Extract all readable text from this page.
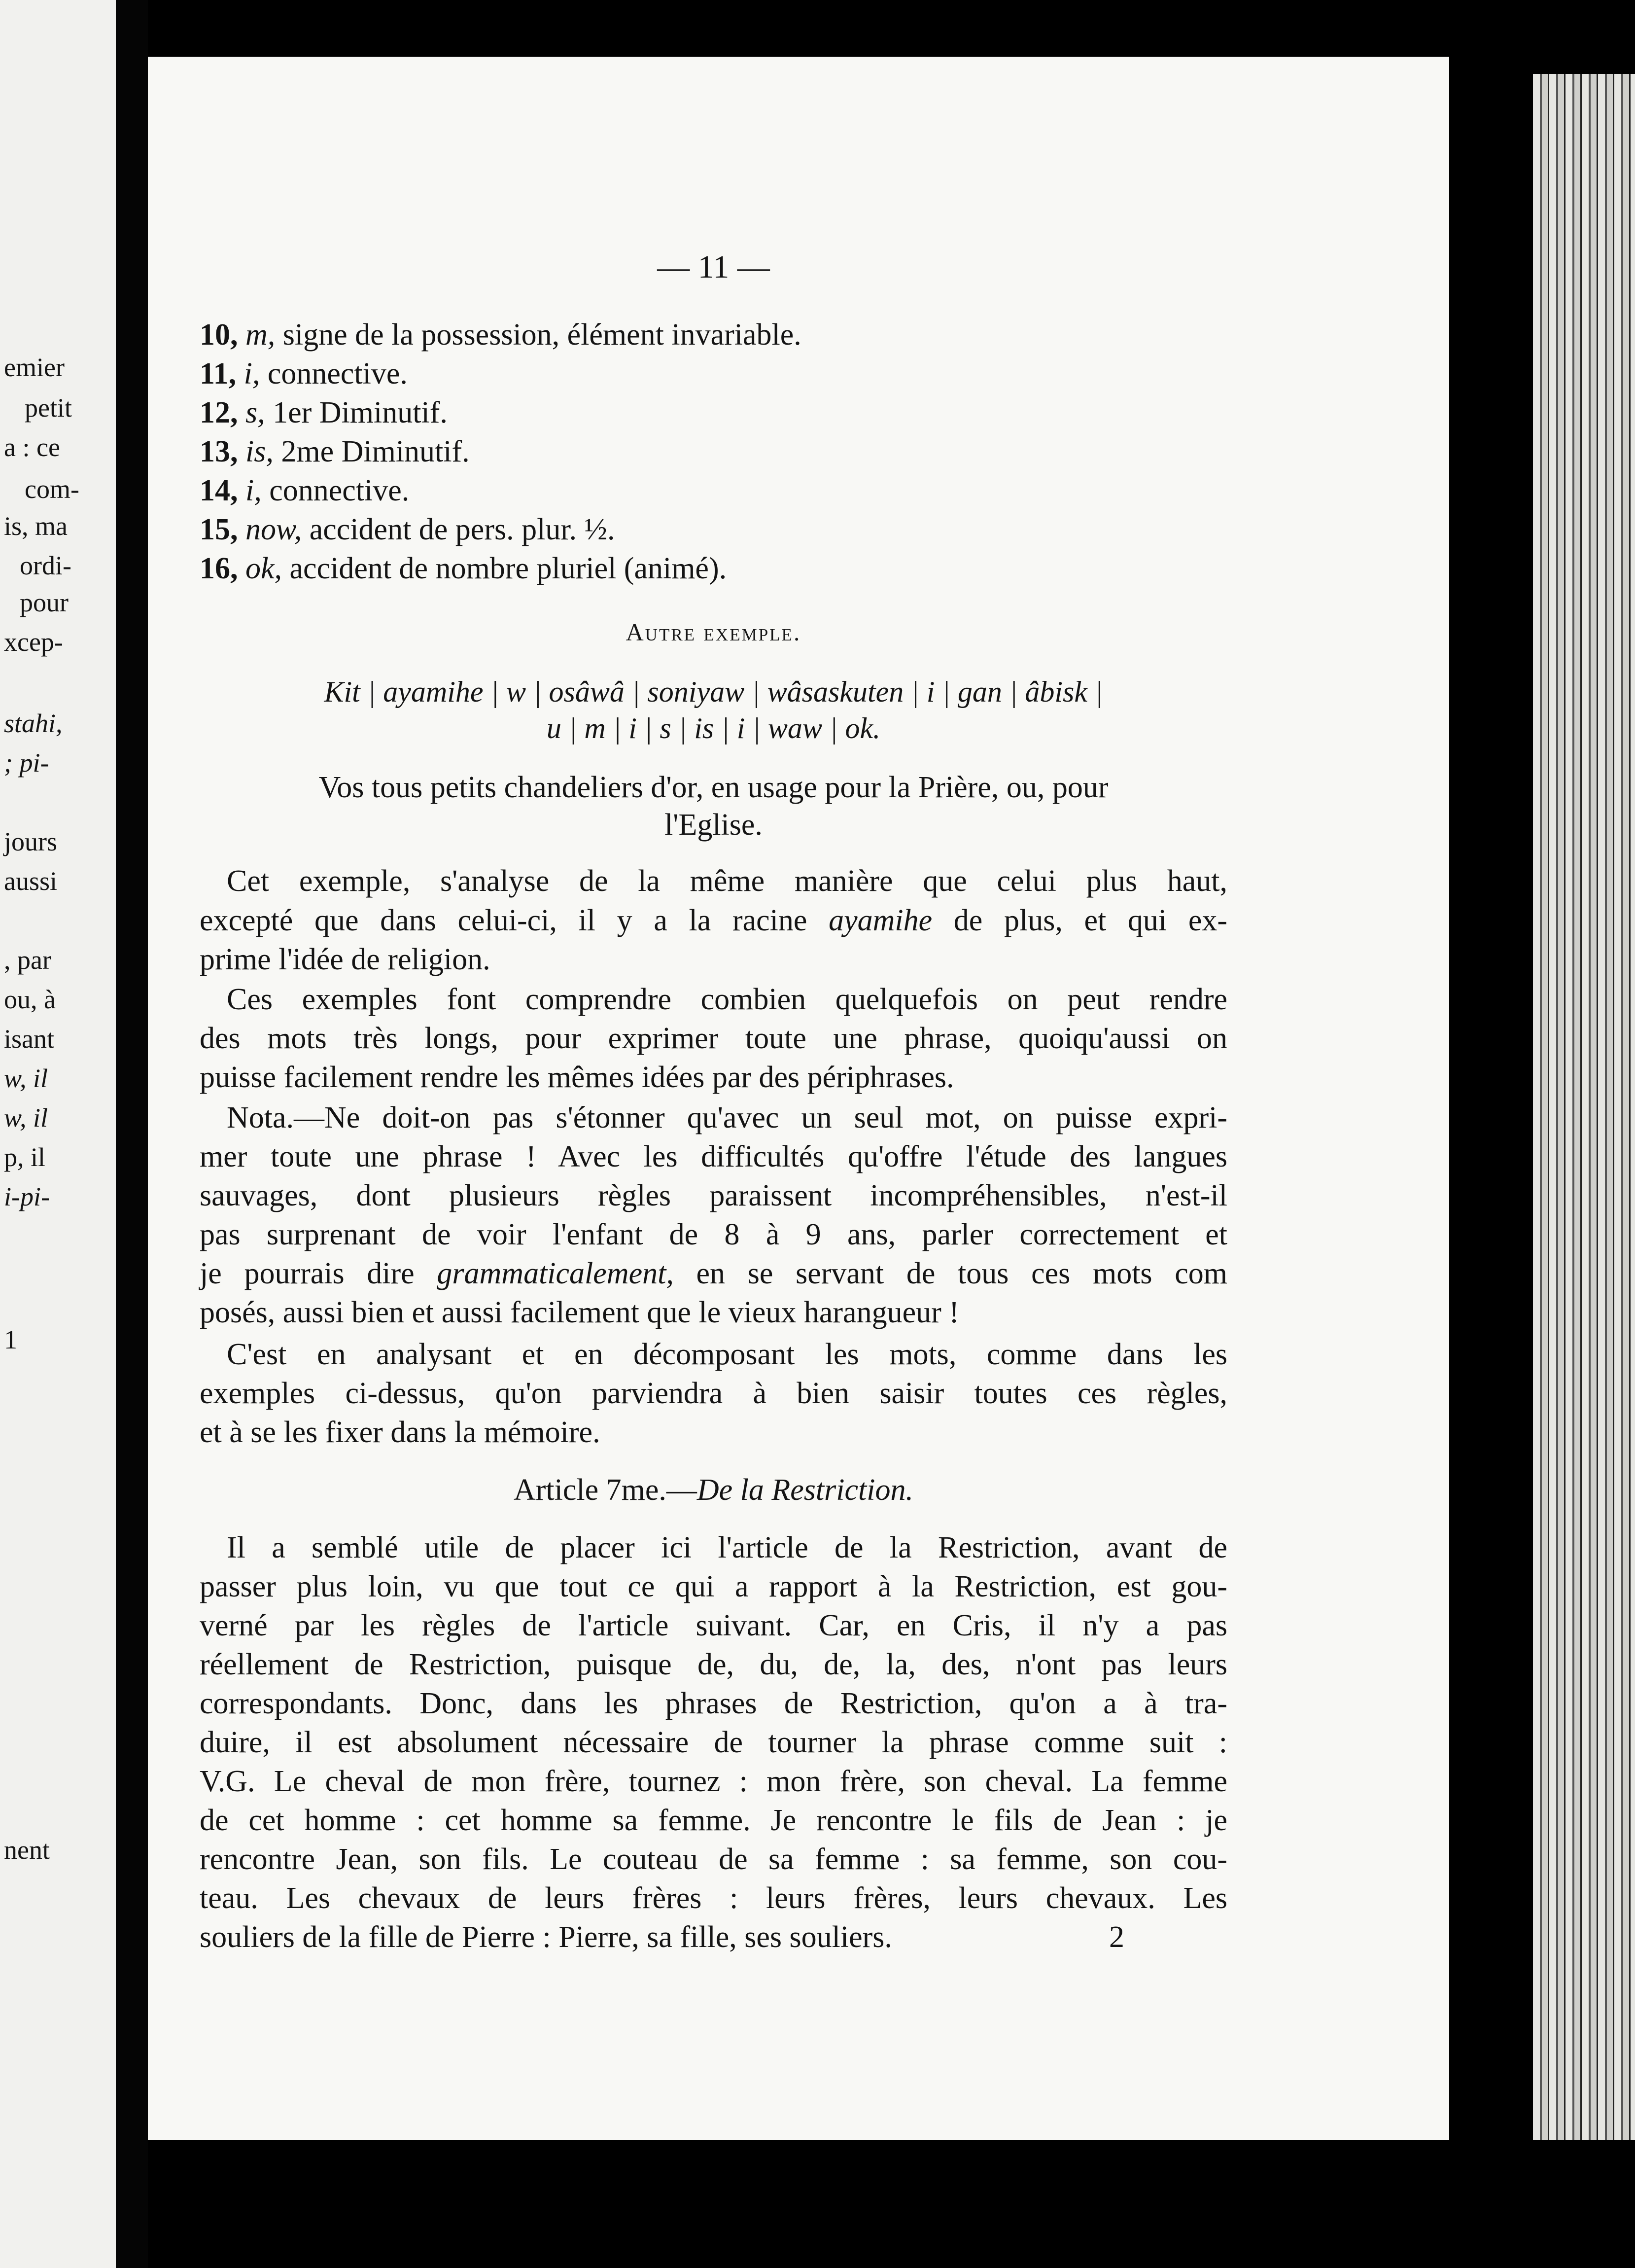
emier
petit
a : ce
com-
is, ma
ordi-
pour
xcep-
stahi,
; pi-
jours
aussi
, par
ou, à
isant
w, il
w, il
p, il
i-pi-
1
nent
— 11 —
10, m, signe de la possession, élément invariable.
11, i, connective.
12, s, 1er Diminutif.
13, is, 2me Diminutif.
14, i, connective.
15, now, accident de pers. plur. ½.
16, ok, accident de nombre pluriel (animé).
Autre exemple.
Kit | ayamihe | w | osâwâ | soniyaw | wâsaskuten | i | gan | âbisk |
u | m | i | s | is | i | waw | ok.
Vos tous petits chandeliers d'or, en usage pour la Prière, ou, pour
l'Eglise.
Cet exemple, s'analyse de la même manière que celui plus haut,
excepté que dans celui-ci, il y a la racine ayamihe de plus, et qui ex-
prime l'idée de religion.
Ces exemples font comprendre combien quelquefois on peut rendre
des mots très longs, pour exprimer toute une phrase, quoiqu'aussi on
puisse facilement rendre les mêmes idées par des périphrases.
Nota.—Ne doit-on pas s'étonner qu'avec un seul mot, on puisse expri-
mer toute une phrase ! Avec les difficultés qu'offre l'étude des langues
sauvages, dont plusieurs règles paraissent incompréhensibles, n'est-il
pas surprenant de voir l'enfant de 8 à 9 ans, parler correctement et
je pourrais dire grammaticalement, en se servant de tous ces mots com
posés, aussi bien et aussi facilement que le vieux harangueur !
C'est en analysant et en décomposant les mots, comme dans les
exemples ci-dessus, qu'on parviendra à bien saisir toutes ces règles,
et à se les fixer dans la mémoire.
Article 7me.—De la Restriction.
Il a semblé utile de placer ici l'article de la Restriction, avant de
passer plus loin, vu que tout ce qui a rapport à la Restriction, est gou-
verné par les règles de l'article suivant. Car, en Cris, il n'y a pas
réellement de Restriction, puisque de, du, de, la, des, n'ont pas leurs
correspondants. Donc, dans les phrases de Restriction, qu'on a à tra-
duire, il est absolument nécessaire de tourner la phrase comme suit :
V.G. Le cheval de mon frère, tournez : mon frère, son cheval. La femme
de cet homme : cet homme sa femme. Je rencontre le fils de Jean : je
rencontre Jean, son fils. Le couteau de sa femme : sa femme, son cou-
teau. Les chevaux de leurs frères : leurs frères, leurs chevaux. Les
souliers de la fille de Pierre : Pierre, sa fille, ses souliers.	2
